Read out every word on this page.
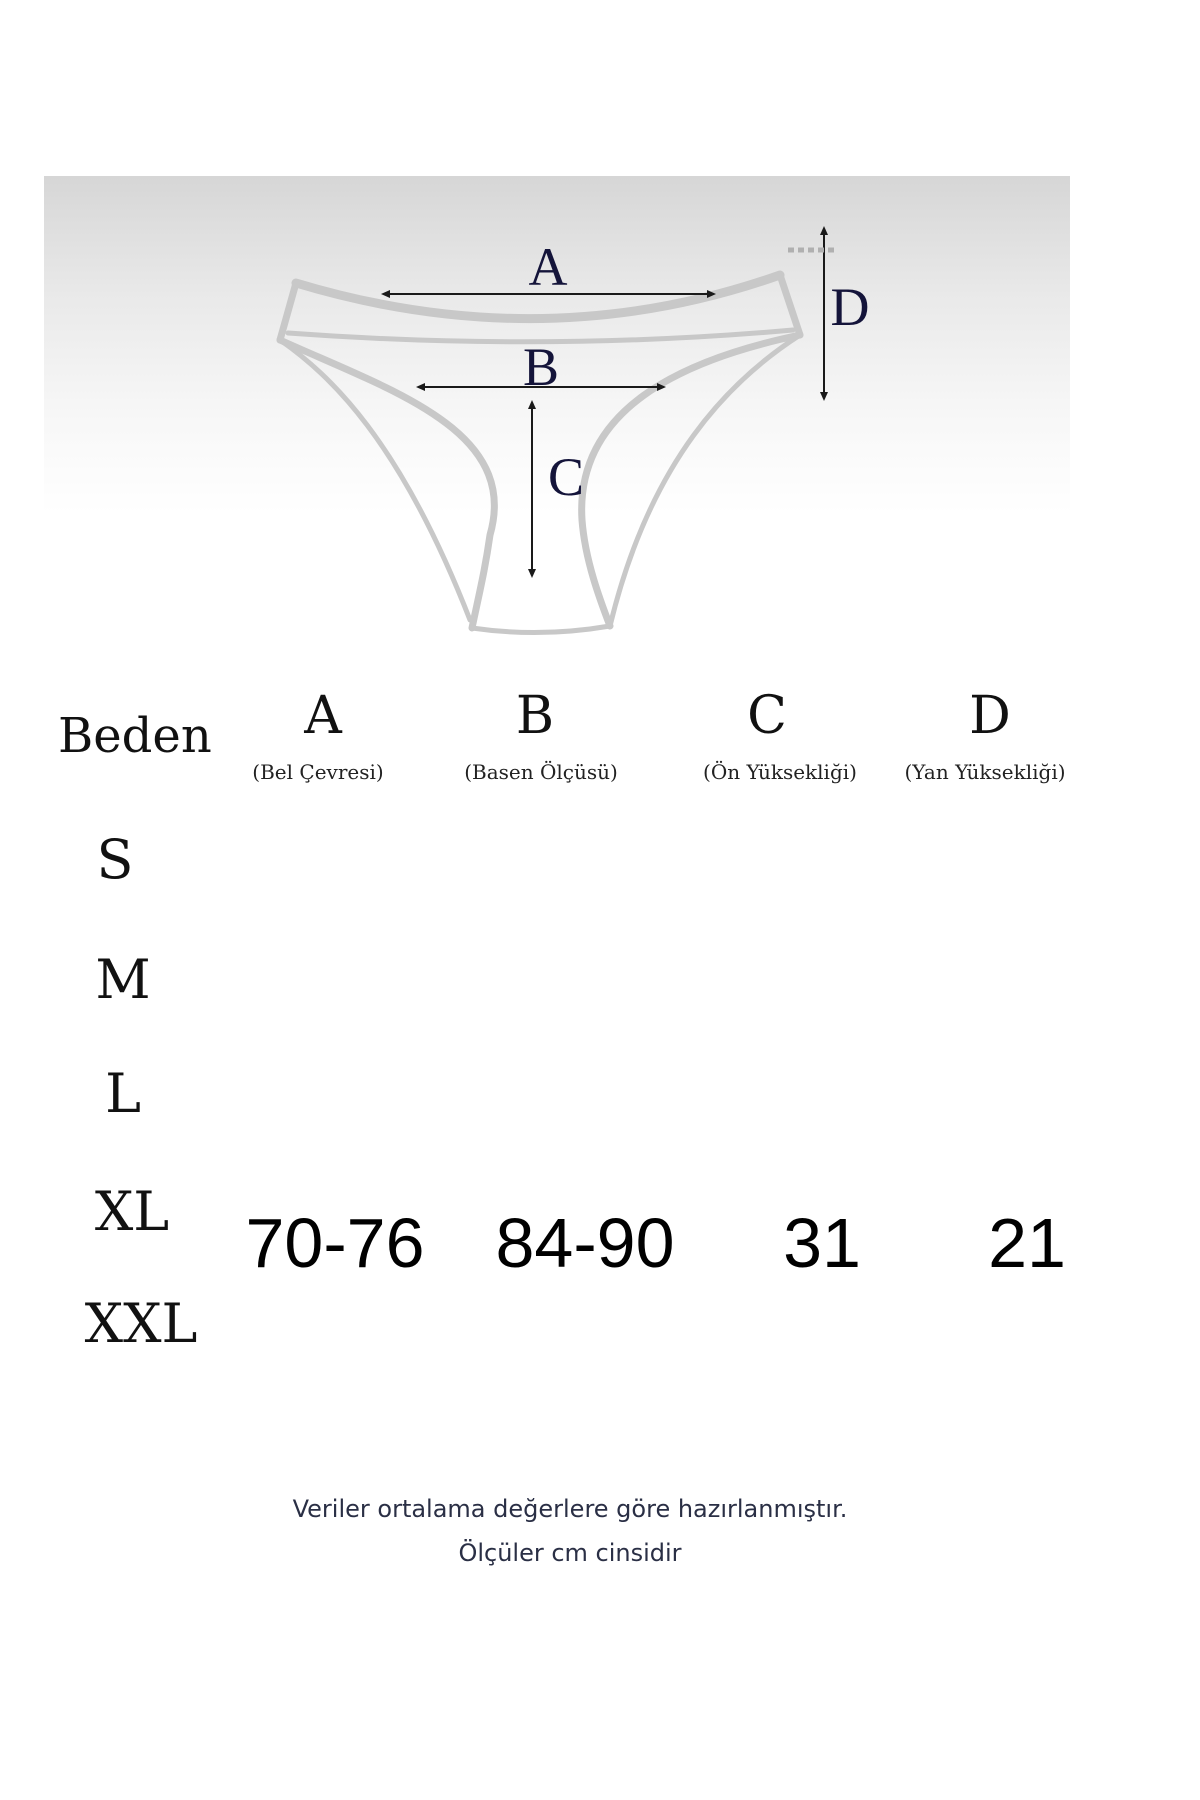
A
B
C
D
Beden A
(Bel Çevresi)
B
(Basen Ölçüsü)
C
(Ön Yüksekliği)
D
(Yan Yüksekliği)
S
M
L
XL
XXL
70-76 84-90 31 21
Veriler ortalama değerlere göre hazırlanmıştır.
Ölçüler cm cinsidir
